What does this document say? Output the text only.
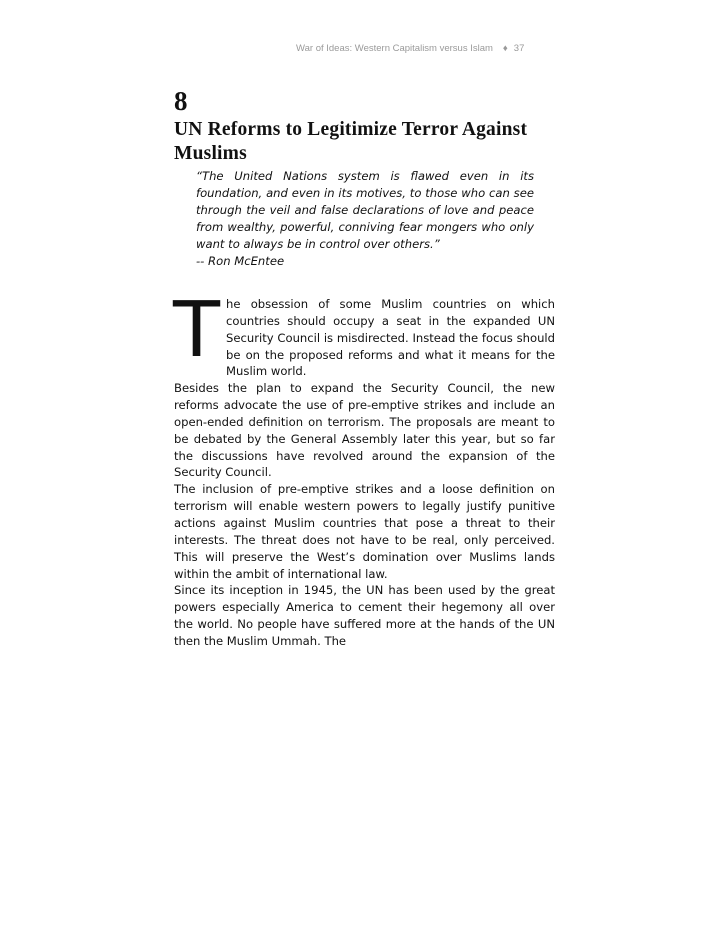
War of Ideas: Western Capitalism versus Islam ♦ 37
8
UN Reforms to Legitimize Terror Against Muslims

“The United Nations system is flawed even in its foundation, and even in its motives, to those who can see through the veil and false declarations of love and peace from wealthy, powerful, conniving fear mongers who only want to always be in control over others.”

-- Ron McEntee

T he obsession of some Muslim countries on which countries should occupy a seat in the expanded UN Security Council is misdirected. Instead the focus should be on the proposed reforms and what it means for the Muslim world.

Besides the plan to expand the Security Council, the new reforms advocate the use of pre-emptive strikes and include an open-ended definition on terrorism. The proposals are meant to be debated by the General Assembly later this year, but so far the discussions have revolved around the expansion of the Security Council.

The inclusion of pre-emptive strikes and a loose definition on terrorism will enable western powers to legally justify punitive actions against Muslim countries that pose a threat to their interests. The threat does not have to be real, only perceived. This will preserve the West’s domination over Muslims lands within the ambit of international law.

Since its inception in 1945, the UN has been used by the great powers especially America to cement their hegemony all over the world. No people have suffered more at the hands of the UN then the Muslim Ummah. The
